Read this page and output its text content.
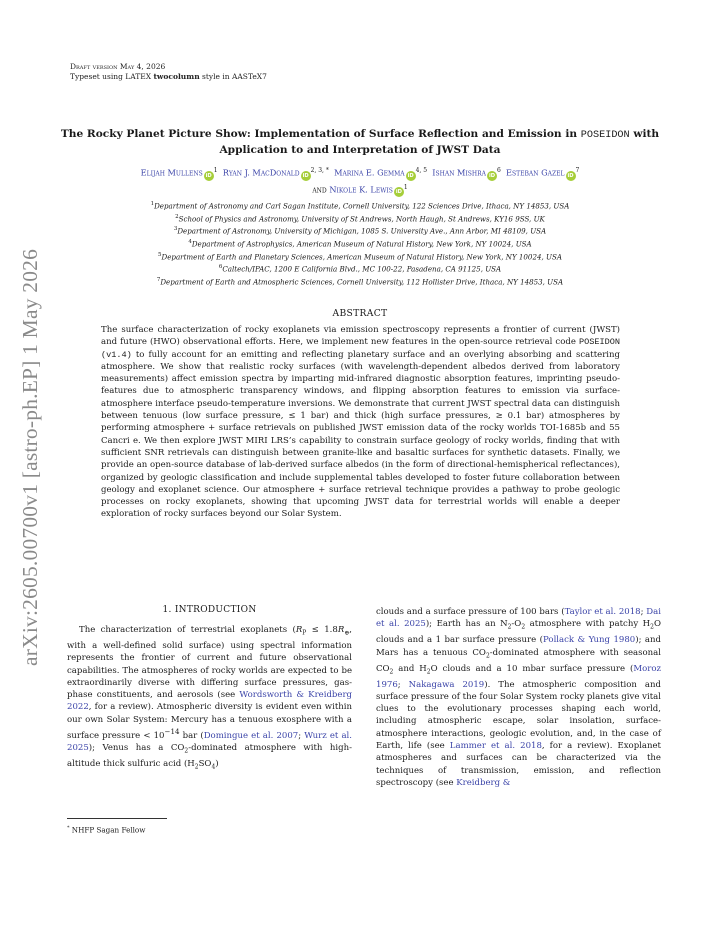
arXiv:2605.00700v1 [astro-ph.EP] 1 May 2026
Draft version May 4, 2026
Typeset using LATEX twocolumn style in AASTeX7
The Rocky Planet Picture Show: Implementation of Surface Reflection and Emission in POSEIDON with
Application to and Interpretation of JWST Data
Elijah Mullens $iD^1$ Ryan J. MacDonald $iD^{2, 3, *}$ Marina E. Gemma iD$^{4, 5}$ Ishan Mishra $iD^6$ Esteban Gazel $iD^7$
and Nikole K. Lewis $iD^1$
$^1$Department of Astronomy and Carl Sagan Institute, Cornell University, 122 Sciences Drive, Ithaca, NY 14853, USA
$^2$School of Physics and Astronomy, University of St Andrews, North Haugh, St Andrews, KY16 9SS, UK
$^3$Department of Astronomy, University of Michigan, 1085 S. University Ave., Ann Arbor, MI 48109, USA
$^4$Department of Astrophysics, American Museum of Natural History, New York, NY 10024, USA
$^5$Department of Earth and Planetary Sciences, American Museum of Natural History, New York, NY 10024, USA
$^6$Caltech/IPAC, 1200 E California Blvd., MC 100-22, Pasadena, CA 91125, USA
$^7$Department of Earth and Atmospheric Sciences, Cornell University, 112 Hollister Drive, Ithaca, NY 14853, USA
ABSTRACT
The surface characterization of rocky exoplanets via emission spectroscopy represents a frontier of current (JWST) and future (HWO) observational efforts. Here, we implement new features in the open-source retrieval code POSEIDON (v1.4) to fully account for an emitting and reflecting planetary surface and an overlying absorbing and scattering atmosphere. We show that realistic rocky surfaces (with wavelength-dependent albedos derived from laboratory measurements) affect emission spectra by imparting mid-infrared diagnostic absorption features, imprinting pseudo-features due to atmospheric transparency windows, and flipping absorption features to emission via surface-atmosphere interface pseudo-temperature inversions. We demonstrate that current JWST spectral data can distinguish between tenuous (low surface pressure, ≤ 1 bar) and thick (high surface pressures, ≥ 0.1 bar) atmospheres by performing atmosphere + surface retrievals on published JWST emission data of the rocky worlds TOI-1685b and 55 Cancri e. We then explore JWST MIRI LRS’s capability to constrain surface geology of rocky worlds, finding that with sufficient SNR retrievals can distinguish between granite-like and basaltic surfaces for synthetic datasets. Finally, we provide an open-source database of lab-derived surface albedos (in the form of directional-hemispherical reflectances), organized by geologic classification and include supplemental tables developed to foster future collaboration between geology and exoplanet science. Our atmosphere + surface retrieval technique provides a pathway to probe geologic processes on rocky exoplanets, showing that upcoming JWST data for terrestrial worlds will enable a deeper exploration of rocky surfaces beyond our Solar System.
1. INTRODUCTION
The characterization of terrestrial exoplanets ($R_P \le 1.8R_\oplus$, with a well-defined solid surface) using spectral information represents the frontier of current and future observational capabilities. The atmospheres of rocky worlds are expected to be extraordinarily diverse with differing surface pressures, gas-phase constituents, and aerosols (see Wordsworth & Kreidberg 2022, for a review). Atmospheric diversity is evident even within our own Solar System: Mercury has a tenuous exosphere with a surface pressure < $10^{-14}$ bar (Domingue et al. 2007; Wurz et al. 2025); Venus has a $CO_2$-dominated atmosphere with high-altitude thick sulfuric acid $(H_2SO_4)$
clouds and a surface pressure of 100 bars (Taylor et al. 2018; Dai et al. 2025); Earth has an $N_2-O_2$ atmosphere with patchy $H_2O$ clouds and a 1 bar surface pressure (Pollack & Yung 1980); and Mars has a tenuous $CO_2$-dominated atmosphere with seasonal $CO_2$ and $H_2O$ clouds and a 10 mbar surface pressure (Moroz 1976; Nakagawa 2019). The atmospheric composition and surface pressure of the four Solar System rocky planets give vital clues to the evolutionary processes shaping each world, including atmospheric escape, solar insolation, surface-atmosphere interactions, geologic evolution, and, in the case of Earth, life (see Lammer et al. 2018, for a review). Exoplanet atmospheres and surfaces can be characterized via the techniques of transmission, emission, and reflection spectroscopy (see Kreidberg &
* NHFP Sagan Fellow
